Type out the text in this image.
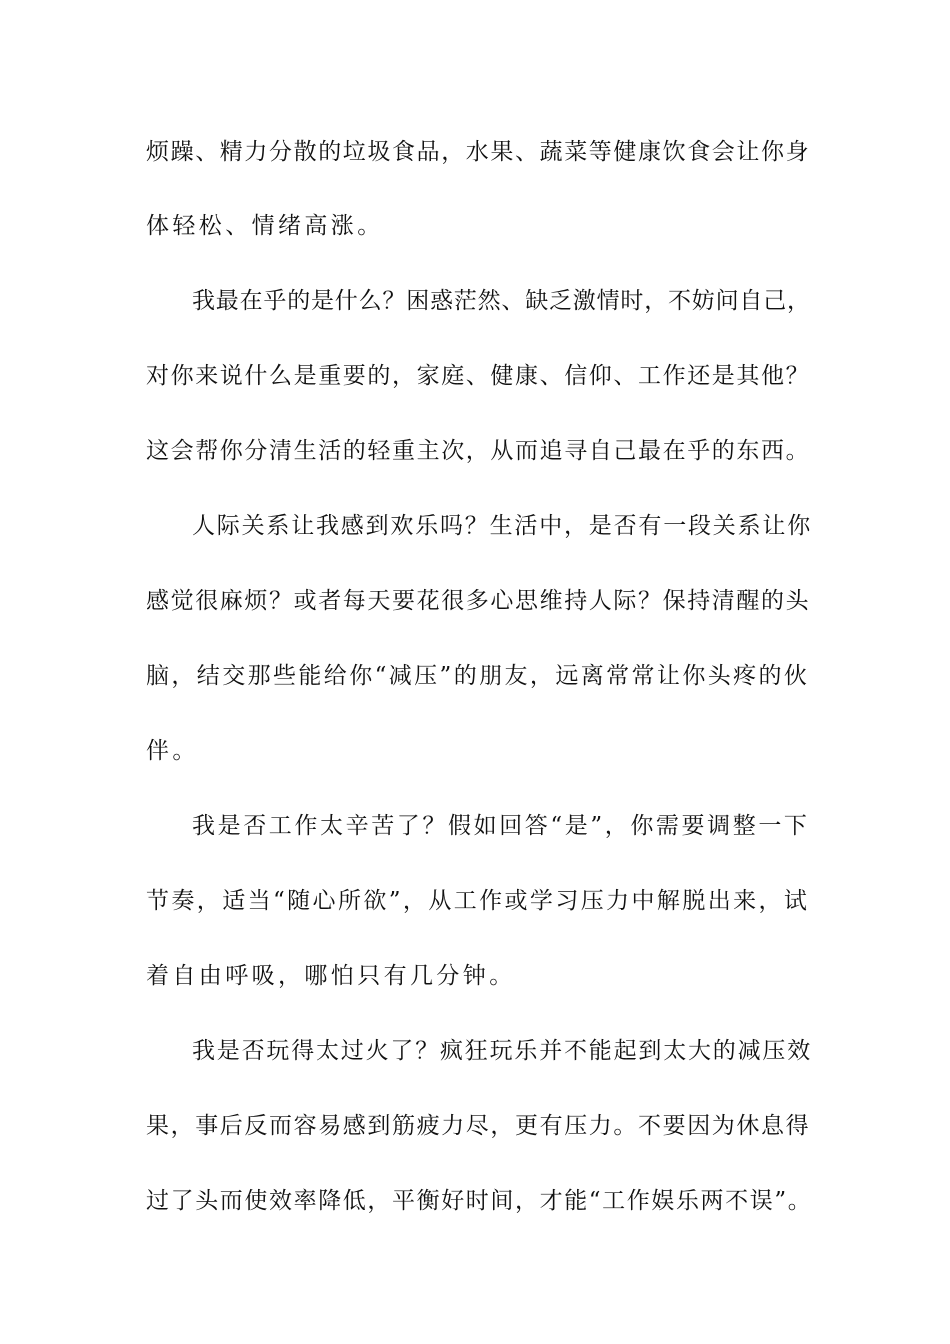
烦躁、精力分散的垃圾食品，水果、蔬菜等健康饮食会让你身

体轻松、情绪高涨。

我最在乎的是什么？困惑茫然、缺乏激情时，不妨问自己，

对你来说什么是重要的，家庭、健康、信仰、工作还是其他？

这会帮你分清生活的轻重主次，从而追寻自己最在乎的东西。

人际关系让我感到欢乐吗？生活中，是否有一段关系让你

感觉很麻烦？或者每天要花很多心思维持人际？保持清醒的头

脑，结交那些能给你“减压”的朋友，远离常常让你头疼的伙

伴。

我是否工作太辛苦了？假如回答“是”，你需要调整一下

节奏，适当“随心所欲”，从工作或学习压力中解脱出来，试

着自由呼吸，哪怕只有几分钟。

我是否玩得太过火了？疯狂玩乐并不能起到太大的减压效

果，事后反而容易感到筋疲力尽，更有压力。不要因为休息得

过了头而使效率降低，平衡好时间，才能“工作娱乐两不误”。
